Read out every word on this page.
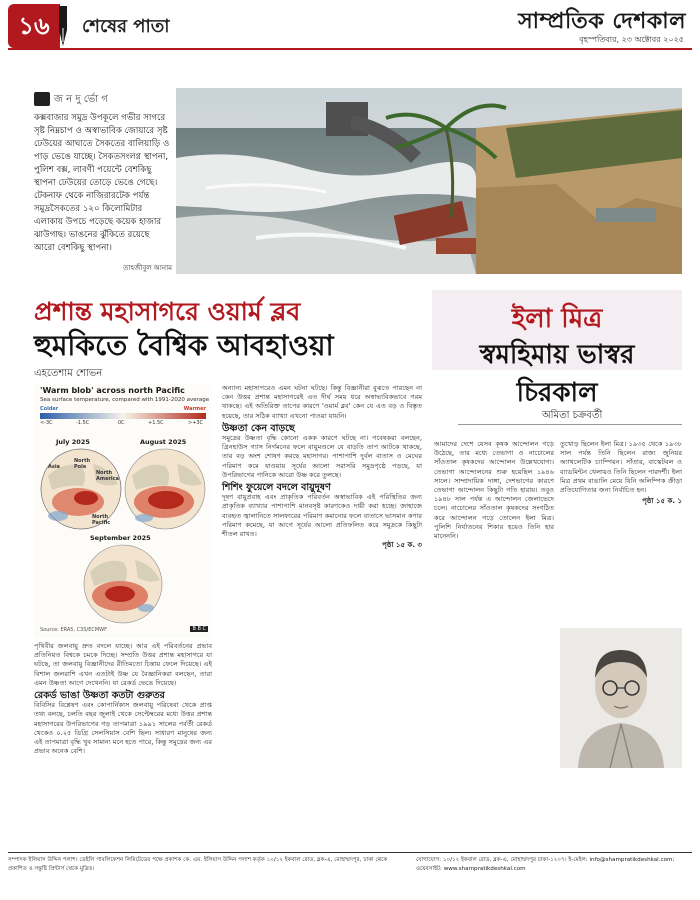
১৬	শেষের পাতা	সাম্প্রতিক দেশকাল
বৃহস্পতিবার, ২৩ অক্টোবর ২০২৫
জ ন দু র্ভো গ
কক্সবাজার সমুদ্র উপকূলে গভীর সাগরে সৃষ্ট নিম্নচাপ ও অস্বাভাবিক জোয়ারে সৃষ্ট ঢেউয়ের আঘাতে সৈকতের বালিয়াড়ি ও পাড় ভেঙে যাচ্ছে। সৈকতসংলগ্ন স্থাপনা, পুলিশ বক্স, লাবণী পয়েন্টে বেশকিছু স্থাপনা ঢেউয়ের তোড়ে ভেঙে গেছে। টেকনাফ থেকে নাজিরারটেক পর্যন্ত সমুদ্রসৈকতের ১২০ কিলোমিটার এলাকায় উপচে পড়েছে কয়েক হাজার ঝাউগাছ। ভাঙনের ঝুঁকিতে রয়েছে আরো বেশকিছু স্থাপনা।
তাহজীবুল আনাম
প্রশান্ত মহাসাগরে ওয়ার্ম ব্লব
হুমকিতে বৈশ্বিক আবহাওয়া
এহতেশাম শোভন
'Warm blob' across north Pacific
Sea surface temperature, compared with 1991-2020 average
Colder	Warmer
<-3C	-1.5C	0C	+1.5C	>+3C
July 2025	August 2025
September 2025
Asia
North Pole
North America
North Pacific
Source: ERA5, C3S/ECMWF	B B C

পৃথিবীর জলবায়ু দ্রুত বদলে যাচ্ছে। আর এই পরিবর্তনের প্রভাব প্রতিনিয়ত বিশ্বকে চমকে দিচ্ছে। সম্প্রতি উত্তর প্রশান্ত মহাসাগরে যা ঘটছে, তা জলবায়ু বিজ্ঞানীদের রীতিমতো চিন্তায় ফেলে দিয়েছে। এই বিশাল জলরাশি এখন এতটাই উষ্ণ যে বৈজ্ঞানিকরা বলছেন, তারা এমন উষ্ণতা আগে দেখেননি। যা রেকর্ড ভেঙে দিয়েছে।

রেকর্ড ভাঙা উষ্ণতা কতটা গুরুতর

বিবিসির বিশ্লেষণ এবং কোপার্নিকাস জলবায়ু পরিষেবা থেকে প্রাপ্ত তথ্য বলছে, চলতি বছর জুলাই থেকে সেপ্টেম্বরের মধ্যে উত্তর প্রশান্ত মহাসাগরের উপরিভাগের গড় তাপমাত্রা ১৯৯১ সালের পর্বর্তী রেকর্ড থেকেও ০.২৫ ডিগ্রি সেলসিয়াস বেশি ছিল। সাধারণ মানুষের জন্য এই তাপমাত্রা বৃদ্ধি খুব সামান্য মনে হতে পারে, কিন্তু সমুদ্রের জন্য এর প্রভাব অনেক বেশি।

অন্যান্য মহাসাগরেও এমন ঘটনা ঘটছে। কিন্তু বিজ্ঞানীরা বুঝতে পারছেন না কেন উত্তর প্রশান্ত মহাসাগরেই এত দীর্ঘ সময় ধরে অস্বাভাবিকভাবে গরম থাকছে। এই অতিরিক্ত তাপের কারণে 'ওয়ার্ম ব্লব' কেন যে এত বড় ও বিস্তৃত হয়েছে, তার সঠিক ব্যাখ্যা এখনো পাওয়া যায়নি।

উষ্ণতা কেন বাড়ছে

সমুদ্রের উষ্ণতা বৃদ্ধি কোনো একক কারণে ঘটছে না। গবেষকরা বলছেন, গ্রিনহাউস গ্যাস নির্গমনের ফলে বায়ুমণ্ডলে যে বাড়তি তাপ আটকে থাকছে, তার বড় অংশ শোষণ করছে মহাসাগর। পাশাপাশি দুর্বল বাতাস ও মেঘের পরিমাণ কমে যাওয়ায় সূর্যের আলো সরাসরি সমুদ্রপৃষ্ঠে পড়ছে, যা উপরিভাগের পানিকে আরো উষ্ণ করে তুলছে।

শিশিং ফুয়েলে বদলে বায়ুদূষণ

দূষণ বায়ুপ্রবাহ এবং প্রাকৃতিক পরিবর্তন অস্বাভাবিক এই পরিস্থিতির জন্য প্রাকৃতিক ব্যাখ্যার পাশাপাশি মানবসৃষ্ট কারণকেও দায়ী করা হচ্ছে। জাহাজে ব্যবহৃত জ্বালানিতে সালফারের পরিমাণ কমানোর ফলে বাতাসে ভাসমান কণার পরিমাণ কমেছে, যা আগে সূর্যের আলো প্রতিফলিত করে সমুদ্রকে কিছুটা শীতল রাখত।

পৃষ্ঠা ১৫ ক. ৩
ইলা মিত্র
স্বমহিমায় ভাস্বর
চিরকাল
অমিতা চক্রবর্তী
আমাদের দেশে যেসব কৃষক আন্দোলন গড়ে উঠেছে, তার মধ্যে তেভাগা ও নাচোলের সাঁওতাল কৃষকদের আন্দোলন উল্লেখযোগ্য। তেভাগা আন্দোলনের শুরু হয়েছিল ১৯৪৬ সালে। সাম্প্রদায়িক দাঙ্গা, দেশভাগের কারণে তেভাগা আন্দোলন কিছুটা গতি হারায়। তবুও ১৯৪৮ সাল পর্যন্ত এ আন্দোলন জেলাভেদে চলে। নাচোলের সাঁওতাল কৃষকদের সংগঠিত করে আন্দোলন গড়ে তোলেন ইলা মিত্র। পুলিশি নির্যাতনের শিকার হয়েও তিনি হার মানেননি।

তুখোড় ছিলেন ইলা মিত্র। ১৯৩৫ থেকে ১৯৩৮ সাল পর্যন্ত তিনি ছিলেন রাজ্য জুনিয়র অ্যাথলেটিক চ্যাম্পিয়ন। সাঁতার, বাস্কেটবল ও ব্যাডমিন্টন খেলায়ও তিনি ছিলেন পারদর্শী। ইলা মিত্র প্রথম বাঙালি মেয়ে যিনি অলিম্পিক ক্রীড়া প্রতিযোগিতার জন্য নির্বাচিত হন।

পৃষ্ঠা ১৫ ক. ১
সম্পাদক ইলিয়াস উদ্দিন পলাশ। ডেইলি পাবলিকেশন লিমিটেডের পক্ষে প্রকাশক কে. এম. ইলিয়াস উদ্দিন পলাশ কর্তৃক ১০/১২ ইকবাল রোড, ব্লক-এ, মোহাম্মদপুর, ঢাকা থেকে প্রকাশিত ও সন্তুষ্টি প্রিন্টার্স থেকে মুদ্রিত।
যোগাযোগ: ১০/১২ ইকবাল রোড, ব্লক-এ, মোহাম্মদপুর ঢাকা-১২০৭। ই-মেইল: info@shampratikdeshkal.com; ওয়েবসাইট: www.shampratikdeshkal.com
